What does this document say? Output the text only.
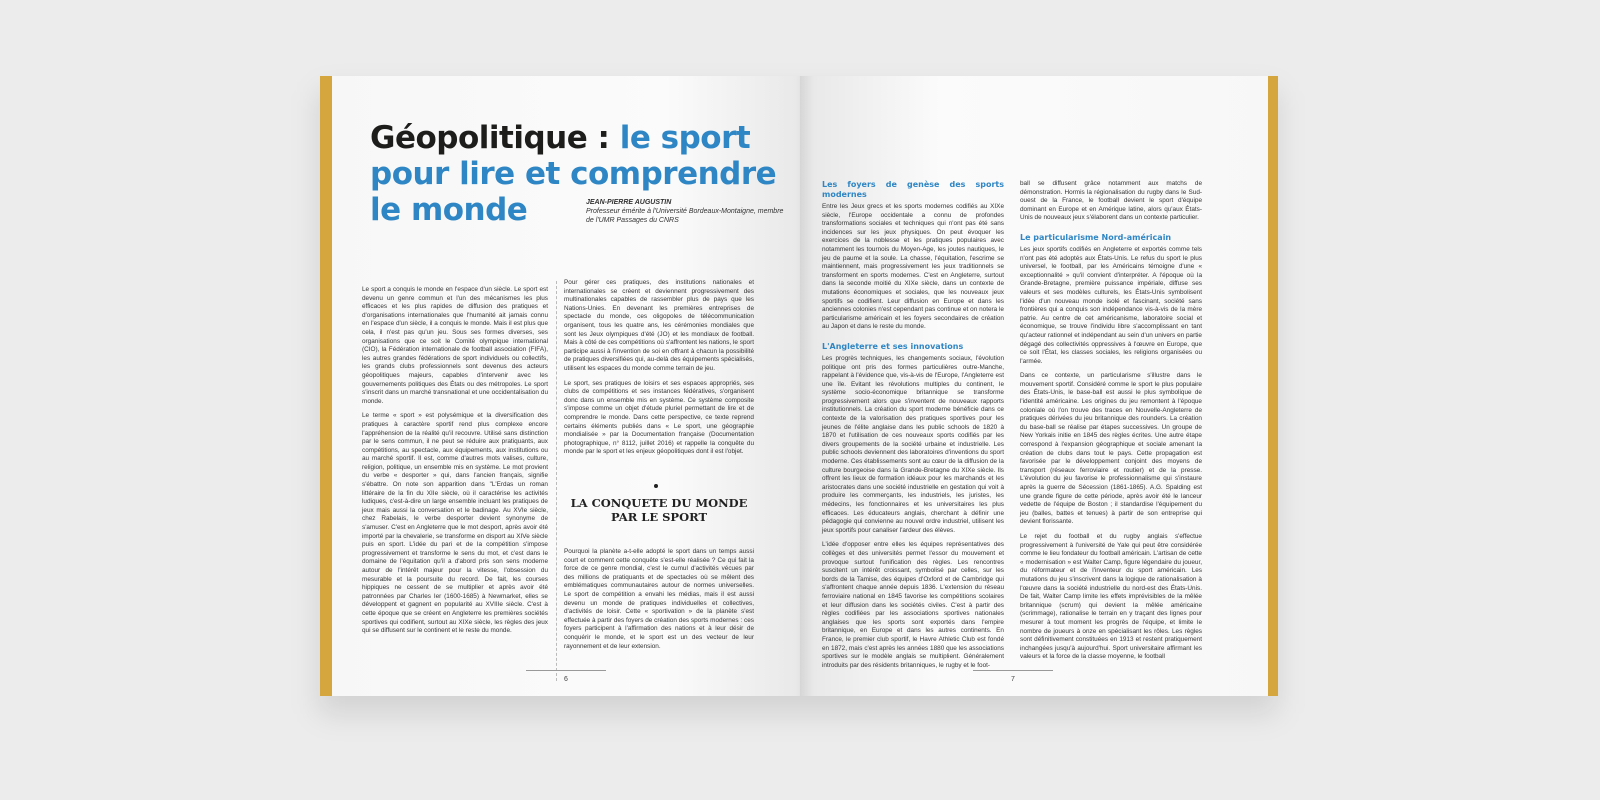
Géopolitique : le sport pour lire et comprendre le monde	JEAN-PIERRE AUGUSTIN
Professeur émérite à l'Université Bordeaux-Montaigne, membre de l'UMR Passages du CNRS

Le sport a conquis le monde en l'espace d'un siècle. Le sport est devenu un genre commun et l'un des mécanismes les plus efficaces et les plus rapides de diffusion des pratiques et d'organisations internationales que l'humanité ait jamais connu en l'espace d'un siècle, il a conquis le monde. Mais il est plus que cela, il n'est pas qu'un jeu. Sous ses formes diverses, ses organisations que ce soit le Comité olympique international (CIO), la Fédération internationale de football association (FIFA), les autres grandes fédérations de sport individuels ou collectifs, les grands clubs professionnels sont devenus des acteurs géopolitiques majeurs, capables d'intervenir avec les gouvernements politiques des États ou des métropoles. Le sport s'inscrit dans un marché transnational et une occidentalisation du monde.

Le terme « sport » est polysémique et la diversification des pratiques à caractère sportif rend plus complexe encore l'appréhension de la réalité qu'il recouvre. Utilisé sans distinction par le sens commun, il ne peut se réduire aux pratiquants, aux compétitions, au spectacle, aux équipements, aux institutions ou au marché sportif. Il est, comme d'autres mots valises, culture, religion, politique, un ensemble mis en système. Le mot provient du verbe « desporter » qui, dans l'ancien français, signifie s'ébattre. On note son apparition dans "L'Erdas un roman littéraire de la fin du XIIe siècle, où il caractérise les activités ludiques, c'est-à-dire un large ensemble incluant les pratiques de jeux mais aussi la conversation et le badinage. Au XVIe siècle, chez Rabelais, le verbe desporter devient synonyme de s'amuser. C'est en Angleterre que le mot desport, après avoir été importé par la chevalerie, se transforme en disport au XIVe siècle puis en sport. L'idée du pari et de la compétition s'impose progressivement et transforme le sens du mot, et c'est dans le domaine de l'équitation qu'il a d'abord pris son sens moderne autour de l'intérêt majeur pour la vitesse, l'obsession du mesurable et la poursuite du record. De fait, les courses hippiques ne cessent de se multiplier et après avoir été patronnées par Charles Ier (1600-1685) à Newmarket, elles se développent et gagnent en popularité au XVIIIe siècle. C'est à cette époque que se créent en Angleterre les premières sociétés sportives qui codifient, surtout au XIXe siècle, les règles des jeux qui se diffusent sur le continent et le reste du monde.

Pour gérer ces pratiques, des institutions nationales et internationales se créent et deviennent progressivement des multinationales capables de rassembler plus de pays que les Nations-Unies. En devenant les premières entreprises de spectacle du monde, ces oligopoles de télécommunication organisent, tous les quatre ans, les cérémonies mondiales que sont les Jeux olympiques d'été (JO) et les mondiaux de football. Mais à côté de ces compétitions où s'affrontent les nations, le sport participe aussi à l'invention de soi en offrant à chacun la possibilité de pratiques diversifiées qui, au-delà des équipements spécialisés, utilisent les espaces du monde comme terrain de jeu.

Le sport, ses pratiques de loisirs et ses espaces appropriés, ses clubs de compétitions et ses instances fédératives, s'organisent donc dans un ensemble mis en système. Ce système composite s'impose comme un objet d'étude pluriel permettant de lire et de comprendre le monde. Dans cette perspective, ce texte reprend certains éléments publiés dans « Le sport, une géographie mondialisée » par la Documentation française (Documentation photographique, n° 8112, juillet 2016) et rappelle la conquête du monde par le sport et les enjeux géopolitiques dont il est l'objet.

LA CONQUETE DU MONDE PAR LE SPORT

Pourquoi la planète a-t-elle adopté le sport dans un temps aussi court et comment cette conquête s'est-elle réalisée ? Ce qui fait la force de ce genre mondial, c'est le cumul d'activités vécues par des millions de pratiquants et de spectacles où se mêlent des emblématiques communautaires autour de normes universelles. Le sport de compétition a envahi les médias, mais il est aussi devenu un monde de pratiques individuelles et collectives, d'activités de loisir. Cette « sportivation » de la planète s'est effectuée à partir des foyers de création des sports modernes : ces foyers participent à l'affirmation des nations et à leur désir de conquérir le monde, et le sport est un des vecteur de leur rayonnement et de leur extension.

6
Les foyers de genèse des sports modernes

Entre les Jeux grecs et les sports modernes codifiés au XIXe siècle, l'Europe occidentale a connu de profondes transformations sociales et techniques qui n'ont pas été sans incidences sur les jeux physiques. On peut évoquer les exercices de la noblesse et les pratiques populaires avec notamment les tournois du Moyen-Age, les joutes nautiques, le jeu de paume et la soule. La chasse, l'équitation, l'escrime se maintiennent, mais progressivement les jeux traditionnels se transforment en sports modernes. C'est en Angleterre, surtout dans la seconde moitié du XIXe siècle, dans un contexte de mutations économiques et sociales, que les nouveaux jeux sportifs se codifient. Leur diffusion en Europe et dans les anciennes colonies n'est cependant pas continue et on notera le particularisme américain et les foyers secondaires de création au Japon et dans le reste du monde.

L'Angleterre et ses innovations

Les progrès techniques, les changements sociaux, l'évolution politique ont pris des formes particulières outre-Manche, rappelant à l'évidence que, vis-à-vis de l'Europe, l'Angleterre est une île. Evitant les révolutions multiples du continent, le système socio-économique britannique se transforme progressivement alors que s'inventent de nouveaux rapports institutionnels. La création du sport moderne bénéficie dans ce contexte de la valorisation des pratiques sportives pour les jeunes de l'élite anglaise dans les public schools de 1820 à 1870 et l'utilisation de ces nouveaux sports codifiés par les divers groupements de la société urbaine et industrielle. Les public schools deviennent des laboratoires d'inventions du sport moderne. Ces établissements sont au cœur de la diffusion de la culture bourgeoise dans la Grande-Bretagne du XIXe siècle. Ils offrent les lieux de formation idéaux pour les marchands et les aristocrates dans une société industrielle en gestation qui voit à produire les commerçants, les industriels, les juristes, les médecins, les fonctionnaires et les universitaires les plus efficaces. Les éducateurs anglais, cherchant à définir une pédagogie qui convienne au nouvel ordre industriel, utilisent les jeux sportifs pour canaliser l'ardeur des élèves.

L'idée d'opposer entre elles les équipes représentatives des collèges et des universités permet l'essor du mouvement et provoque surtout l'unification des règles. Les rencontres suscitent un intérêt croissant, symbolisé par celles, sur les bords de la Tamise, des équipes d'Oxford et de Cambridge qui s'affrontent chaque année depuis 1836. L'extension du réseau ferroviaire national en 1845 favorise les compétitions scolaires et leur diffusion dans les sociétés civiles. C'est à partir des règles codifiées par les associations sportives nationales anglaises que les sports sont exportés dans l'empire britannique, en Europe et dans les autres continents. En France, le premier club sportif, le Havre Athletic Club est fondé en 1872, mais c'est après les années 1880 que les associations sportives sur le modèle anglais se multiplient. Généralement introduits par des résidents britanniques, le rugby et le foot-

ball se diffusent grâce notamment aux matchs de démonstration. Hormis la régionalisation du rugby dans le Sud-ouest de la France, le football devient le sport d'équipe dominant en Europe et en Amérique latine, alors qu'aux États-Unis de nouveaux jeux s'élaborent dans un contexte particulier.

Le particularisme Nord-américain

Les jeux sportifs codifiés en Angleterre et exportés comme tels n'ont pas été adoptés aux États-Unis. Le refus du sport le plus universel, le football, par les Américains témoigne d'une « exceptionnalité » qu'il convient d'interpréter. A l'époque où la Grande-Bretagne, première puissance impériale, diffuse ses valeurs et ses modèles culturels, les États-Unis symbolisent l'idée d'un nouveau monde isolé et fascinant, société sans frontières qui a conquis son indépendance vis-à-vis de la mère patrie. Au centre de cet américanisme, laboratoire social et économique, se trouve l'individu libre s'accomplissant en tant qu'acteur rationnel et indépendant au sein d'un univers en partie dégagé des collectivités oppressives à l'œuvre en Europe, que ce soit l'État, les classes sociales, les religions organisées ou l'armée.

Dans ce contexte, un particularisme s'illustre dans le mouvement sportif. Considéré comme le sport le plus populaire des États-Unis, le base-ball est aussi le plus symbolique de l'identité américaine. Les origines du jeu remontent à l'époque coloniale où l'on trouve des traces en Nouvelle-Angleterre de pratiques dérivées du jeu britannique des rounders. La création du base-ball se réalise par étapes successives. Un groupe de New Yorkais initie en 1845 des règles écrites. Une autre étape correspond à l'expansion géographique et sociale amenant la création de clubs dans tout le pays. Cette propagation est favorisée par le développement conjoint des moyens de transport (réseaux ferroviaire et routier) et de la presse. L'évolution du jeu favorise le professionnalisme qui s'instaure après la guerre de Sécession (1861-1865). A.G. Spalding est une grande figure de cette période, après avoir été le lanceur vedette de l'équipe de Boston ; il standardise l'équipement du jeu (balles, battes et tenues) à partir de son entreprise qui devient florissante.

Le rejet du football et du rugby anglais s'effectue progressivement à l'université de Yale qui peut être considérée comme le lieu fondateur du football américain. L'artisan de cette « modernisation » est Walter Camp, figure légendaire du joueur, du réformateur et de l'inventeur du sport américain. Les mutations du jeu s'inscrivent dans la logique de rationalisation à l'œuvre dans la société industrielle du nord-est des États-Unis. De fait, Walter Camp limite les effets imprévisibles de la mêlée britannique (scrum) qui devient la mêlée américaine (scrimmage), rationalise le terrain en y traçant des lignes pour mesurer à tout moment les progrès de l'équipe, et limite le nombre de joueurs à onze en spécialisant les rôles. Les règles sont définitivement constituées en 1913 et restent pratiquement inchangées jusqu'à aujourd'hui. Sport universitaire affirmant les valeurs et la force de la classe moyenne, le football

7
